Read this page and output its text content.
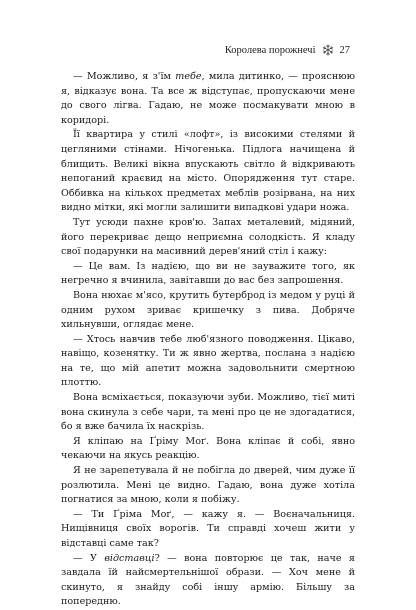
Королева порожнечі 27

— Можливо, я з'їм тебе, мила дитинко, — прояснюю я, відказує вона. Та все ж відступає, пропускаючи мене до свого лігва. Гадаю, не може посмакувати мною в коридорі.

Її квартира у стилі «лофт», із високими стелями й цегляними стінами. Нічогенька. Підлога начищена й блищить. Великі вікна впускають світло й відкривають непоганий краєвид на місто. Опорядження тут старе. Оббивка на кількох предметах меблів розірвана, на них видно мітки, які могли залишити випадкові удари ножа.

Тут усюди пахне кров'ю. Запах металевий, мідяний, його перекриває дещо неприємна солодкість. Я кладу свої подарунки на масивний дерев'яний стіл і кажу:

— Це вам. Із надією, що ви не зауважите того, як негречно я вчинила, завітавши до вас без запрошення.

Вона нюхає м'ясо, крутить бутерброд із медом у руці й одним рухом зриває кришечку з пива. Добряче хильнувши, оглядає мене.

— Хтось навчив тебе люб'язного поводження. Цікаво, навіщо, козенятку. Ти ж явно жертва, послана з надією на те, що мій апетит можна задовольнити смертною плоттю.

Вона всміхається, показуючи зуби. Можливо, тієї миті вона скинула з себе чари, та мені про це не здогадатися, бо я вже бачила їх наскрізь.

Я кліпаю на Ґріму Моґ. Вона кліпає й собі, явно чекаючи на якусь реакцію.

Я не зарепетувала й не побігла до дверей, чим дуже її розлютила. Мені це видно. Гадаю, вона дуже хотіла погнатися за мною, коли я побіжу.

— Ти Ґріма Моґ, — кажу я. — Воєначальниця. Нищівниця своїх ворогів. Ти справді хочеш жити у відставці саме так?

— У відставці? — вона повторює це так, наче я завдала їй найсмертельнішої образи. — Хоч мене й скинуто, я знайду собі іншу армію. Більшу за попередню.
